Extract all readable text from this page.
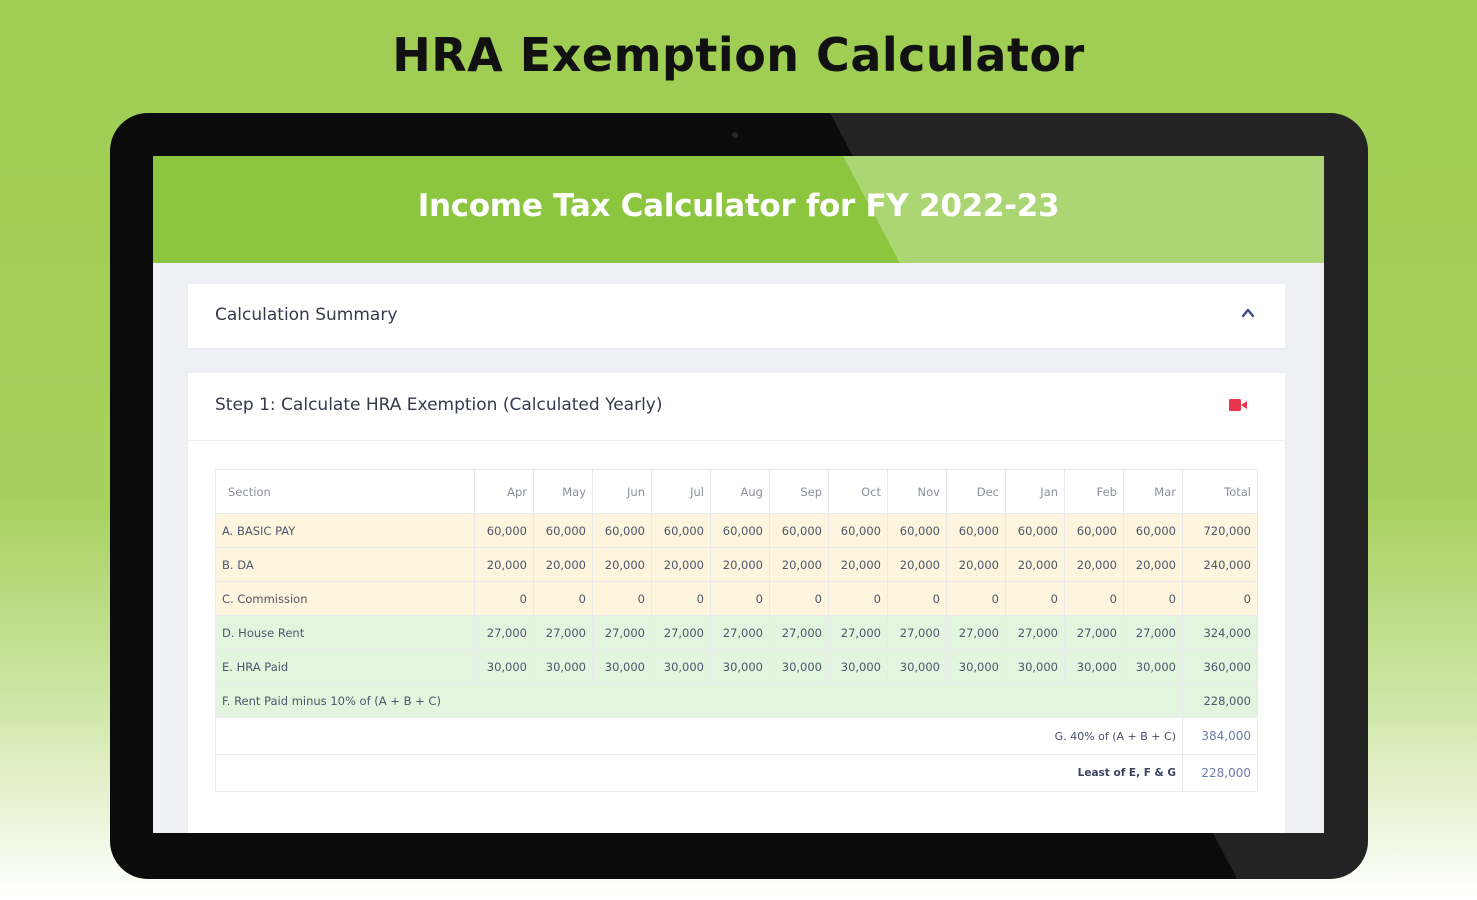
HRA Exemption Calculator
Income Tax Calculator for FY 2022-23
Calculation Summary
Step 1: Calculate HRA Exemption (Calculated Yearly)
Section	Apr	May	Jun	Jul	Aug	Sep	Oct	Nov	Dec	Jan	Feb	Mar	Total
A. BASIC PAY	60,000	60,000	60,000	60,000	60,000	60,000	60,000	60,000	60,000	60,000	60,000	60,000	720,000
B. DA	20,000	20,000	20,000	20,000	20,000	20,000	20,000	20,000	20,000	20,000	20,000	20,000	240,000
C. Commission	0	0	0	0	0	0	0	0	0	0	0	0	0
D. House Rent	27,000	27,000	27,000	27,000	27,000	27,000	27,000	27,000	27,000	27,000	27,000	27,000	324,000
E. HRA Paid	30,000	30,000	30,000	30,000	30,000	30,000	30,000	30,000	30,000	30,000	30,000	30,000	360,000
F. Rent Paid minus 10% of (A + B + C)													228,000
G. 40% of (A + B + C)													384,000
Least of E, F & G													228,000
